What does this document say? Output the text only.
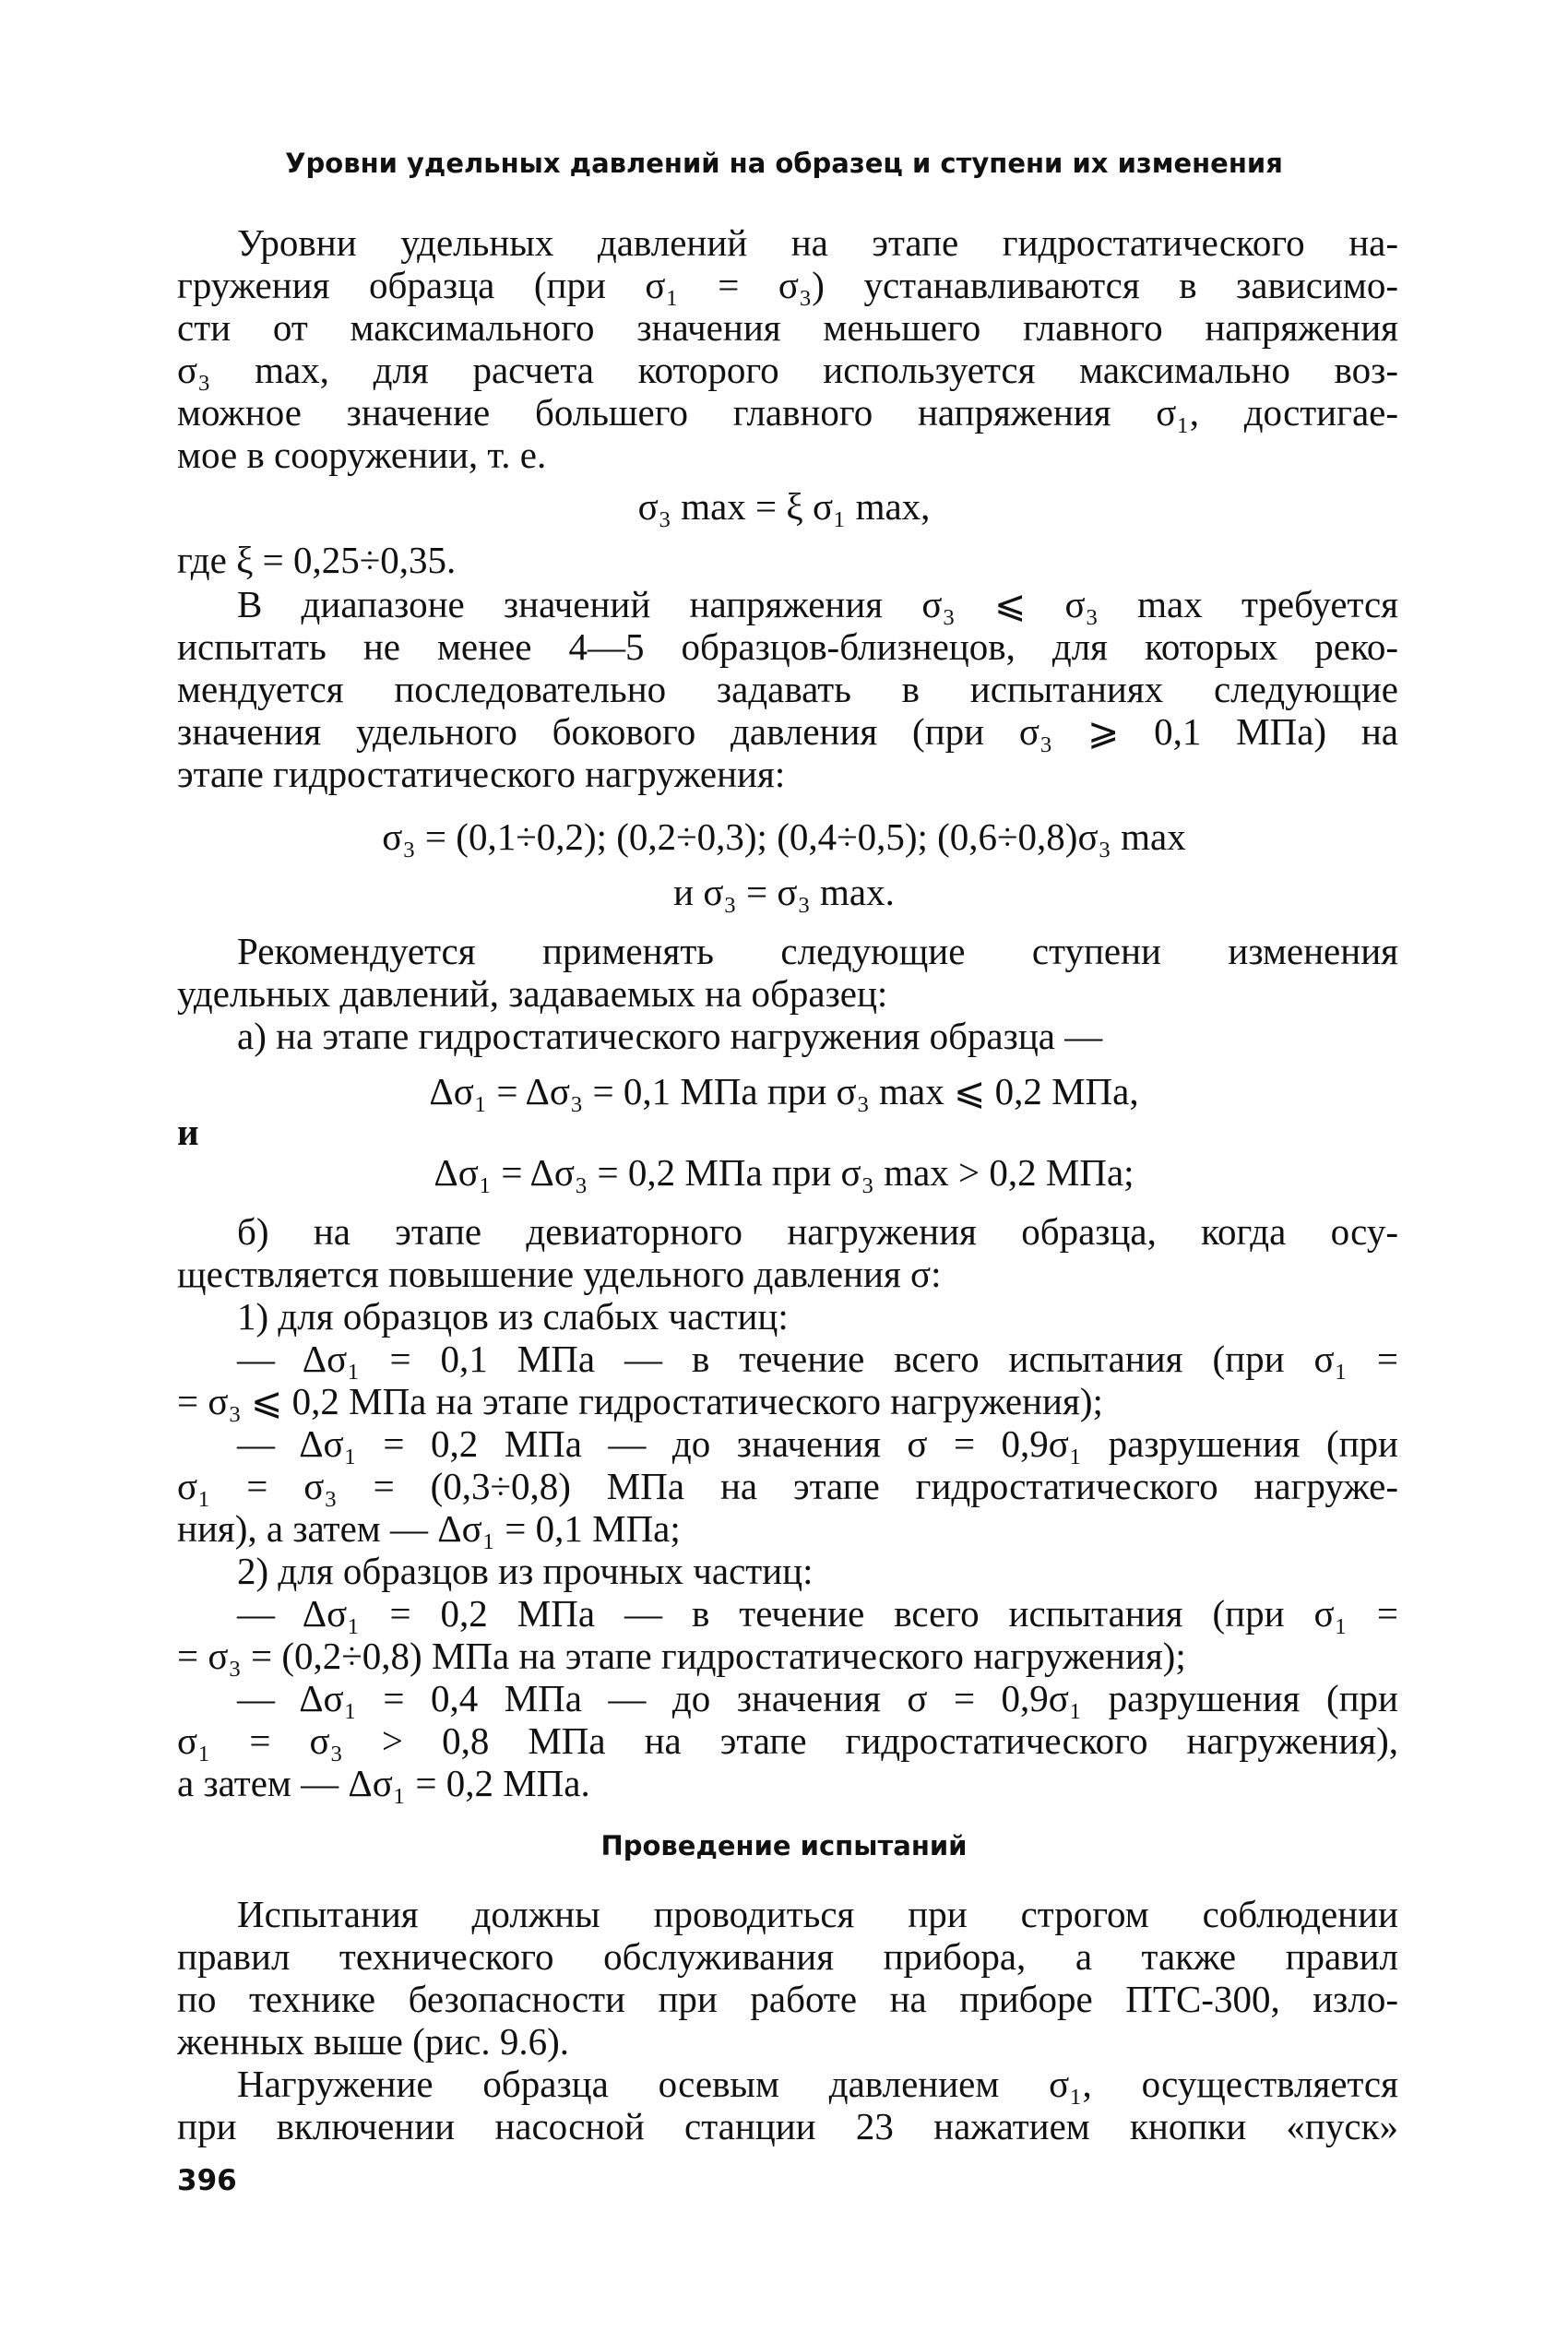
Уровни удельных давлений на образец и ступени их изменения
Уровни удельных давлений на этапе гидростатического на-
гружения образца (при σ₁ = σ₃) устанавливаются в зависимо-
сти от максимального значения меньшего главного напряжения
σ₃ max, для расчета которого используется максимально воз-
можное значение большего главного напряжения σ₁, достигае-
мое в сооружении, т. е.
σ₃ max = ξ σ₁ max,
где ξ = 0,25÷0,35.
В диапазоне значений напряжения σ₃ ⩽ σ₃ max требуется
испытать не менее 4—5 образцов-близнецов, для которых реко-
мендуется последовательно задавать в испытаниях следующие
значения удельного бокового давления (при σ₃ ⩾ 0,1 МПа) на
этапе гидростатического нагружения:
σ₃ = (0,1÷0,2); (0,2÷0,3); (0,4÷0,5); (0,6÷0,8)σ₃ max
и σ₃ = σ₃ max.
Рекомендуется применять следующие ступени изменения
удельных давлений, задаваемых на образец:
а) на этапе гидростатического нагружения образца —
Δσ₁ = Δσ₃ = 0,1 МПа при σ₃ max ⩽ 0,2 МПа,
и
Δσ₁ = Δσ₃ = 0,2 МПа при σ₃ max > 0,2 МПа;
б) на этапе девиаторного нагружения образца, когда осу-
ществляется повышение удельного давления σ:
1) для образцов из слабых частиц:
— Δσ₁ = 0,1 МПа — в течение всего испытания (при σ₁ =
= σ₃ ⩽ 0,2 МПа на этапе гидростатического нагружения);
— Δσ₁ = 0,2 МПа — до значения σ = 0,9σ₁ разрушения (при
σ₁ = σ₃ = (0,3÷0,8) МПа на этапе гидростатического нагруже-
ния), а затем — Δσ₁ = 0,1 МПа;
2) для образцов из прочных частиц:
— Δσ₁ = 0,2 МПа — в течение всего испытания (при σ₁ =
= σ₃ = (0,2÷0,8) МПа на этапе гидростатического нагружения);
— Δσ₁ = 0,4 МПа — до значения σ = 0,9σ₁ разрушения (при
σ₁ = σ₃ > 0,8 МПа на этапе гидростатического нагружения),
а затем — Δσ₁ = 0,2 МПа.
Проведение испытаний
Испытания должны проводиться при строгом соблюдении
правил технического обслуживания прибора, а также правил
по технике безопасности при работе на приборе ПТС-300, изло-
женных выше (рис. 9.6).
Нагружение образца осевым давлением σ₁, осуществляется
при включении насосной станции 23 нажатием кнопки «пуск»
396
